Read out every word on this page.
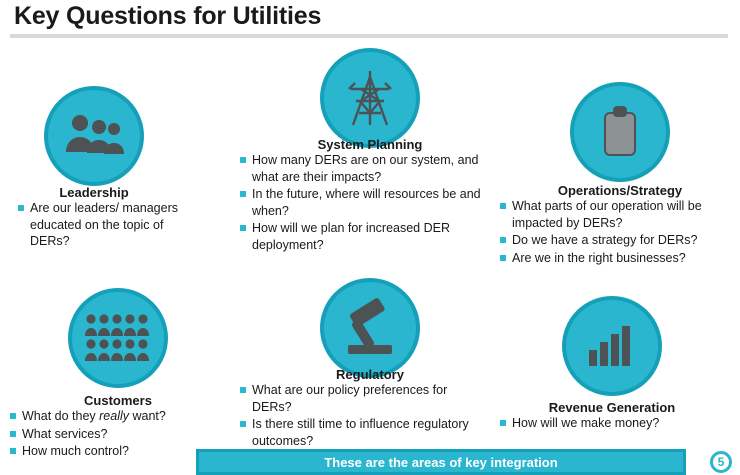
Key Questions for Utilities
Leadership
Are our leaders/ managers educated on the topic of DERs?
System Planning
How many DERs are on our system, and what are their impacts?
In the future, where will resources be and when?
How will we plan for increased DER deployment?
Operations/Strategy
What parts of our operation will be impacted by DERs?
Do we have a strategy for DERs?
Are we in the right businesses?
Customers
What do they really want?
What services?
How much control?
Regulatory
What are our policy preferences for DERs?
Is there still time to influence regulatory outcomes?
Revenue Generation
How will we make money?
These are the areas of key integration	5
